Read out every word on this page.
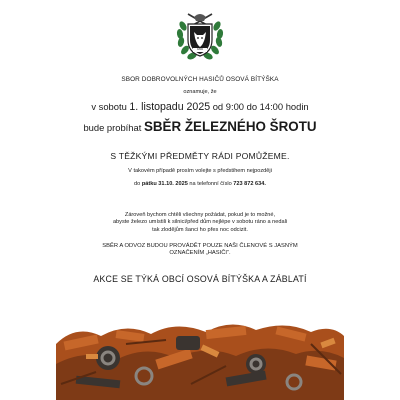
1893
SBOR DOBROVOLNÝCH HASIČŮ OSOVÁ BÍTÝŠKA
oznamuje, že
v sobotu 1. listopadu 2025 od 9:00 do 14:00 hodin
bude probíhat SBĚR ŽELEZNÉHO ŠROTU
S TĚŽKÝMI PŘEDMĚTY RÁDI POMŮŽEME.
V takovém případě prosím volejte s předstihem nejpozději
do pátku 31.10. 2025 na telefonní číslo 723 872 634.
Zároveň bychom chtěli všechny požádat, pokud je to možné,
abyste železo umístili k silnici/před dům nejlépe v sobotu ráno a nedali
tak zlodějům šanci ho přes noc odcizit.
SBĚR A ODVOZ BUDOU PROVÁDĚT POUZE NAŠI ČLENOVÉ S JASNÝM
OZNAČENÍM „HASIČI“.
AKCE SE TÝKÁ OBCÍ OSOVÁ BÍTÝŠKA A ZÁBLATÍ
